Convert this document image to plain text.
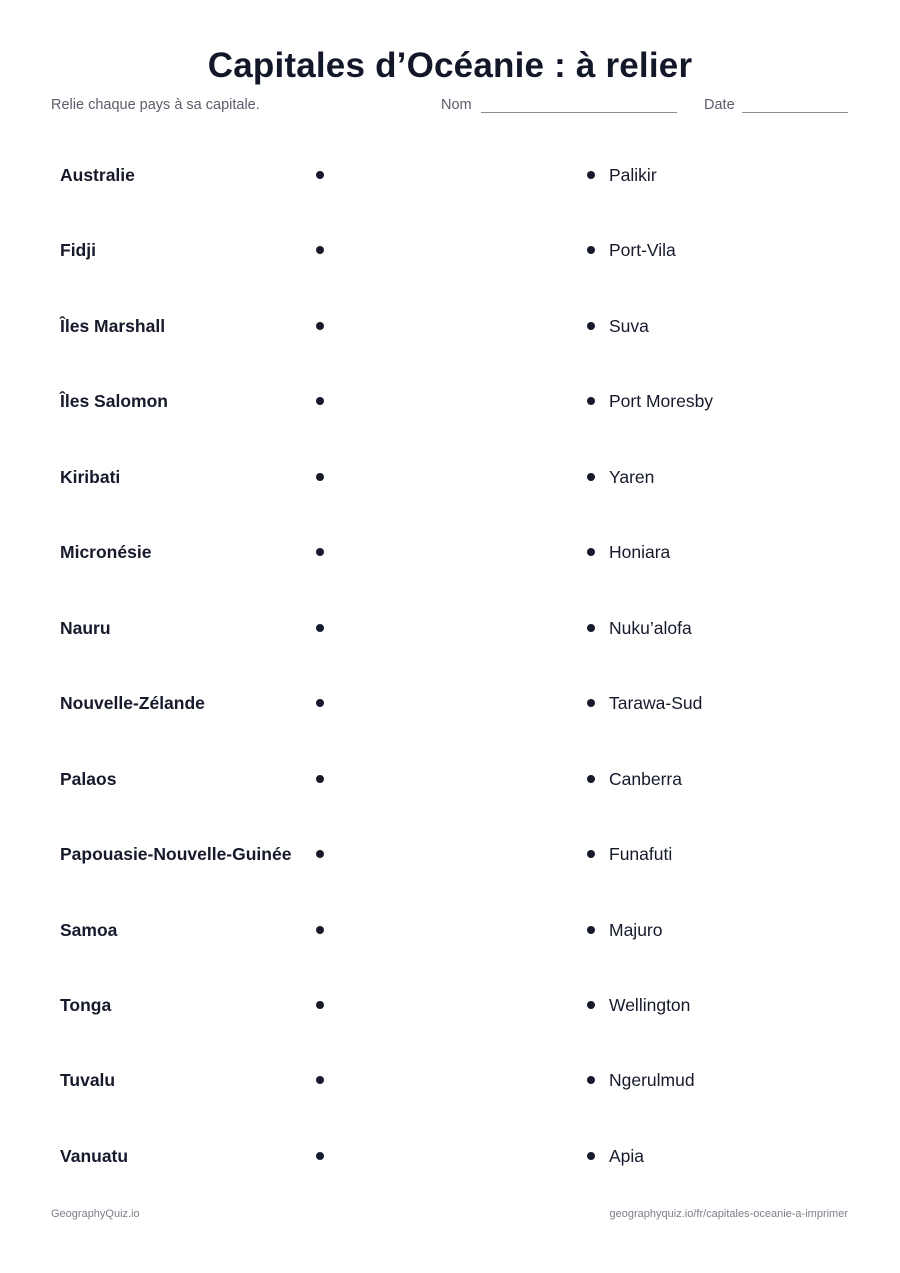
Capitales d’Océanie : à relier
Relie chaque pays à sa capitale.	Nom	Date
Australie	Palikir
Fidji	Port-Vila
Îles Marshall	Suva
Îles Salomon	Port Moresby
Kiribati	Yaren
Micronésie	Honiara
Nauru	Nuku’alofa
Nouvelle-Zélande	Tarawa-Sud
Palaos	Canberra
Papouasie-Nouvelle-Guinée	Funafuti
Samoa	Majuro
Tonga	Wellington
Tuvalu	Ngerulmud
Vanuatu	Apia
GeographyQuiz.io	geographyquiz.io/fr/capitales-oceanie-a-imprimer
